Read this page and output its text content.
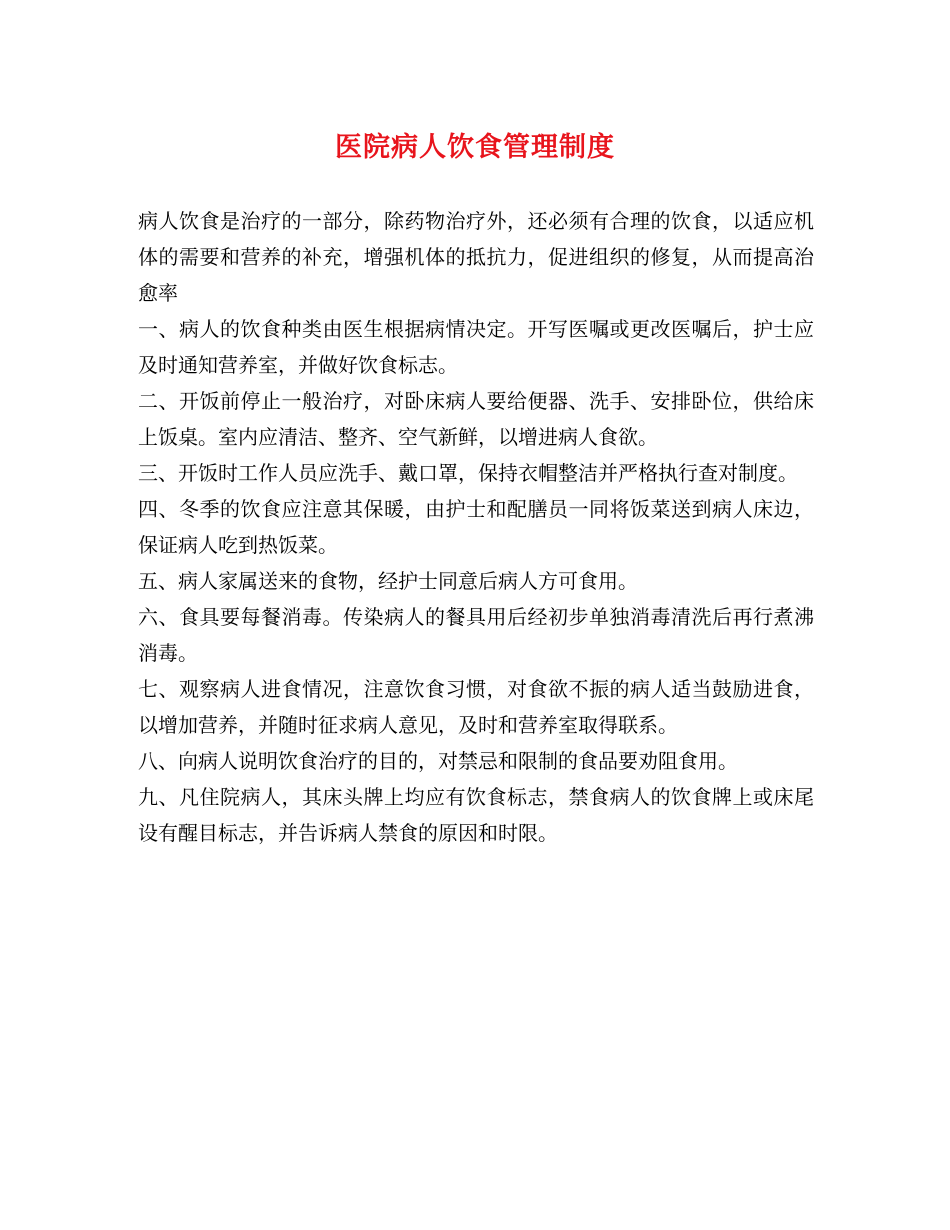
医院病人饮食管理制度

病人饮食是治疗的一部分，除药物治疗外，还必须有合理的饮食，以适应机体的需要和营养的补充，增强机体的抵抗力，促进组织的修复，从而提高治愈率

一、病人的饮食种类由医生根据病情决定。开写医嘱或更改医嘱后，护士应及时通知营养室，并做好饮食标志。

二、开饭前停止一般治疗，对卧床病人要给便器、洗手、安排卧位，供给床上饭桌。室内应清洁、整齐、空气新鲜，以增进病人食欲。

三、开饭时工作人员应洗手、戴口罩，保持衣帽整洁并严格执行查对制度。

四、冬季的饮食应注意其保暖，由护士和配膳员一同将饭菜送到病人床边，保证病人吃到热饭菜。

五、病人家属送来的食物，经护士同意后病人方可食用。

六、食具要每餐消毒。传染病人的餐具用后经初步单独消毒清洗后再行煮沸消毒。

七、观察病人进食情况，注意饮食习惯，对食欲不振的病人适当鼓励进食，以增加营养，并随时征求病人意见，及时和营养室取得联系。

八、向病人说明饮食治疗的目的，对禁忌和限制的食品要劝阻食用。

九、凡住院病人，其床头牌上均应有饮食标志，禁食病人的饮食牌上或床尾设有醒目标志，并告诉病人禁食的原因和时限。
